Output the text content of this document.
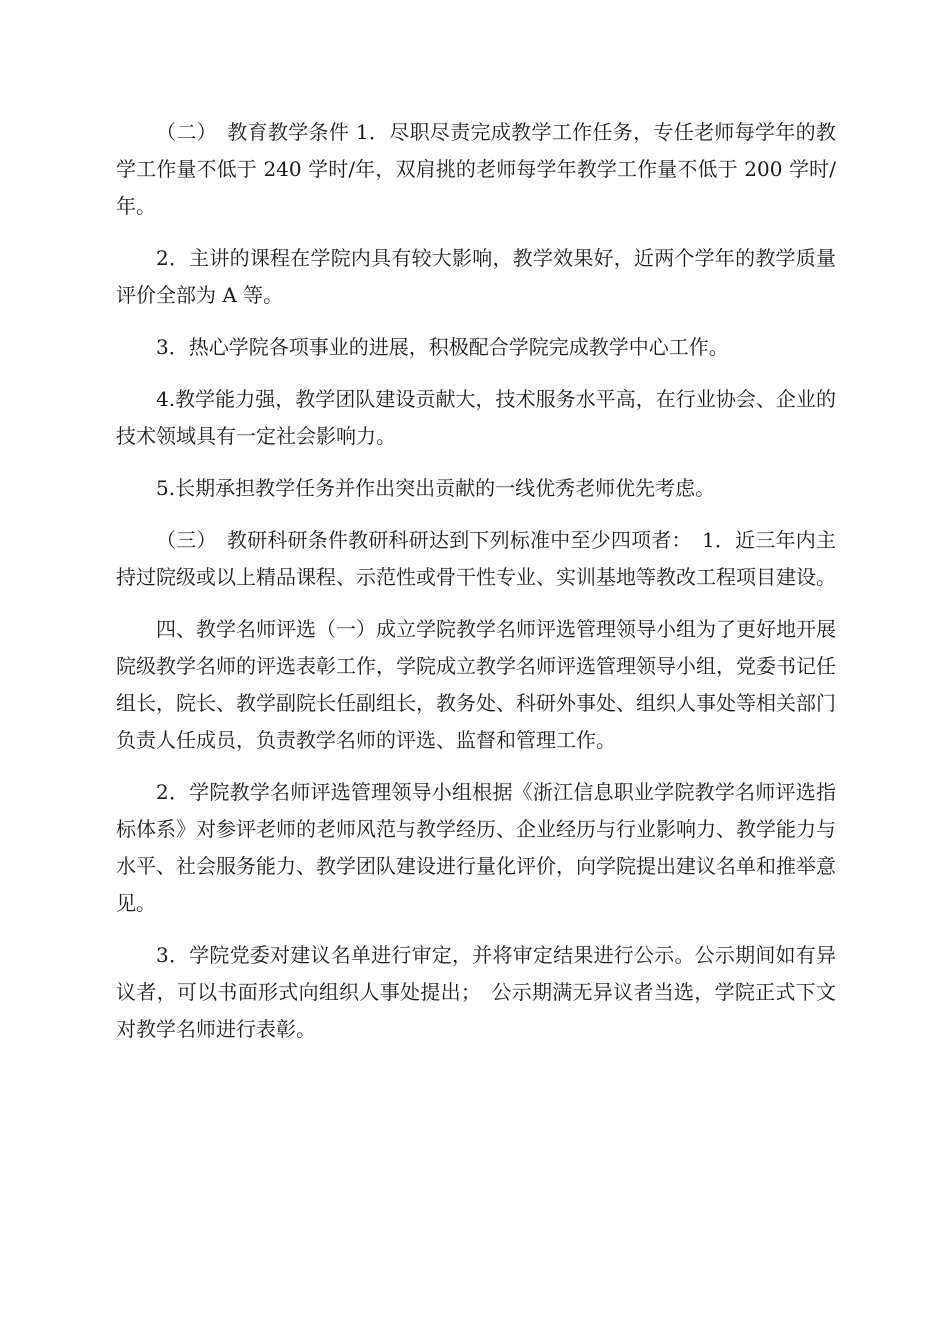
（二）　教育教学条件 1．尽职尽责完成教学工作任务，专任老师每学年的教学工作量不低于 240 学时/年，双肩挑的老师每学年教学工作量不低于 200 学时/年。

2．主讲的课程在学院内具有较大影响，教学效果好，近两个学年的教学质量评价全部为 A 等。

3．热心学院各项事业的进展，积极配合学院完成教学中心工作。

4.教学能力强，教学团队建设贡献大，技术服务水平高，在行业协会、企业的技术领域具有一定社会影响力。

5.长期承担教学任务并作出突出贡献的一线优秀老师优先考虑。

（三）　教研科研条件教研科研达到下列标准中至少四项者：　1．近三年内主持过院级或以上精品课程、示范性或骨干性专业、实训基地等教改工程项目建设。

四、教学名师评选（一）成立学院教学名师评选管理领导小组为了更好地开展院级教学名师的评选表彰工作，学院成立教学名师评选管理领导小组，党委书记任组长，院长、教学副院长任副组长，教务处、科研外事处、组织人事处等相关部门负责人任成员，负责教学名师的评选、监督和管理工作。

2．学院教学名师评选管理领导小组根据《浙江信息职业学院教学名师评选指标体系》对参评老师的老师风范与教学经历、企业经历与行业影响力、教学能力与水平、社会服务能力、教学团队建设进行量化评价，向学院提出建议名单和推举意见。

3．学院党委对建议名单进行审定，并将审定结果进行公示。公示期间如有异议者，可以书面形式向组织人事处提出；　公示期满无异议者当选，学院正式下文对教学名师进行表彰。
